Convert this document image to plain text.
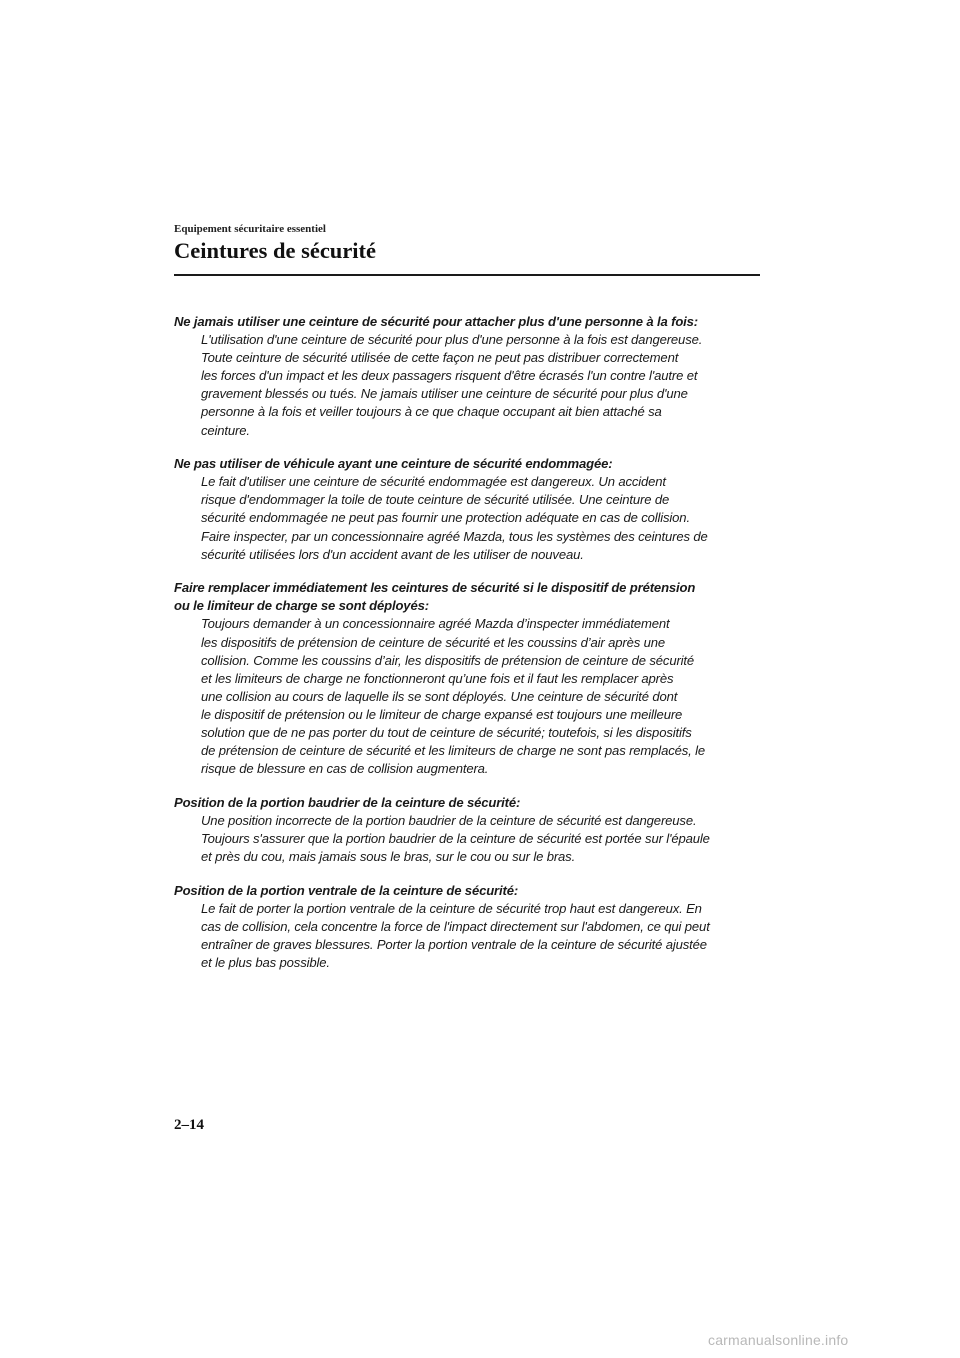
Equipement sécuritaire essentiel

Ceintures de sécurité

Ne jamais utiliser une ceinture de sécurité pour attacher plus d'une personne à la fois:

L'utilisation d'une ceinture de sécurité pour plus d'une personne à la fois est dangereuse.
Toute ceinture de sécurité utilisée de cette façon ne peut pas distribuer correctement
les forces d'un impact et les deux passagers risquent d'être écrasés l'un contre l'autre et
gravement blessés ou tués. Ne jamais utiliser une ceinture de sécurité pour plus d'une
personne à la fois et veiller toujours à ce que chaque occupant ait bien attaché sa
ceinture.

Ne pas utiliser de véhicule ayant une ceinture de sécurité endommagée:

Le fait d'utiliser une ceinture de sécurité endommagée est dangereux. Un accident
risque d'endommager la toile de toute ceinture de sécurité utilisée. Une ceinture de
sécurité endommagée ne peut pas fournir une protection adéquate en cas de collision.
Faire inspecter, par un concessionnaire agréé Mazda, tous les systèmes des ceintures de
sécurité utilisées lors d'un accident avant de les utiliser de nouveau.

Faire remplacer immédiatement les ceintures de sécurité si le dispositif de prétension
ou le limiteur de charge se sont déployés:

Toujours demander à un concessionnaire agréé Mazda d’inspecter immédiatement
les dispositifs de prétension de ceinture de sécurité et les coussins d’air après une
collision. Comme les coussins d’air, les dispositifs de prétension de ceinture de sécurité
et les limiteurs de charge ne fonctionneront qu’une fois et il faut les remplacer après
une collision au cours de laquelle ils se sont déployés. Une ceinture de sécurité dont
le dispositif de prétension ou le limiteur de charge expansé est toujours une meilleure
solution que de ne pas porter du tout de ceinture de sécurité; toutefois, si les dispositifs
de prétension de ceinture de sécurité et les limiteurs de charge ne sont pas remplacés, le
risque de blessure en cas de collision augmentera.

Position de la portion baudrier de la ceinture de sécurité:

Une position incorrecte de la portion baudrier de la ceinture de sécurité est dangereuse.
Toujours s'assurer que la portion baudrier de la ceinture de sécurité est portée sur l'épaule
et près du cou, mais jamais sous le bras, sur le cou ou sur le bras.

Position de la portion ventrale de la ceinture de sécurité:

Le fait de porter la portion ventrale de la ceinture de sécurité trop haut est dangereux. En
cas de collision, cela concentre la force de l'impact directement sur l'abdomen, ce qui peut
entraîner de graves blessures. Porter la portion ventrale de la ceinture de sécurité ajustée
et le plus bas possible.

2–14

carmanualsonline.info
